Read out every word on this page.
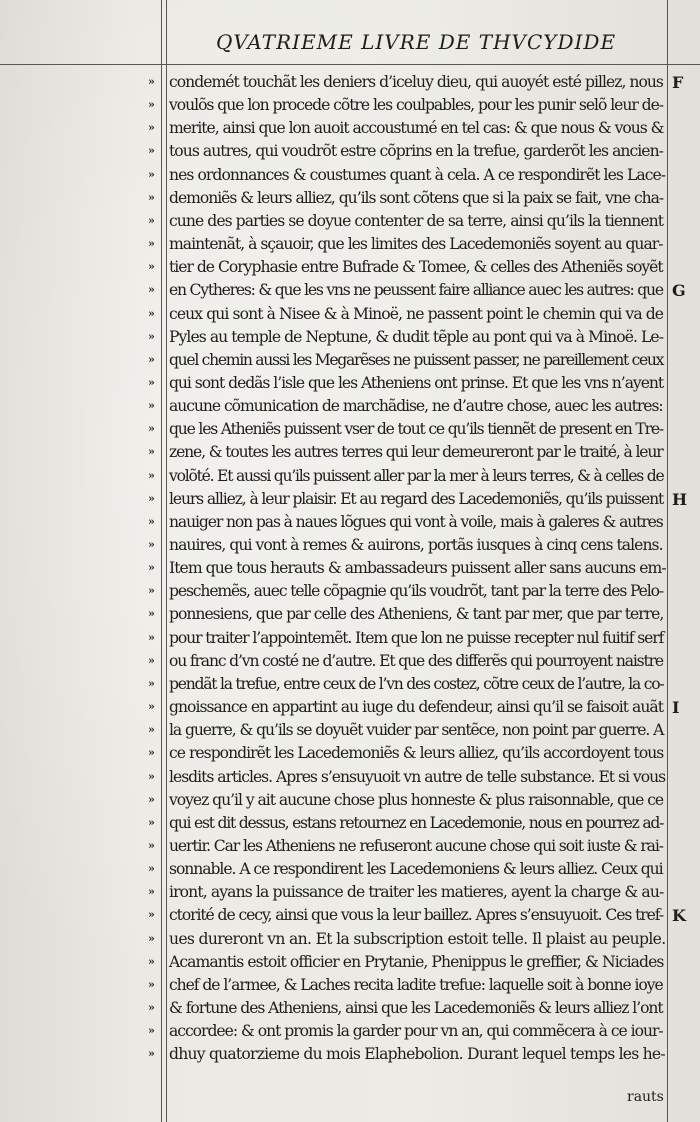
QVATRIEME LIVRE DE THVCYDIDE
» condemét touchãt les deniers d’iceluy dieu, qui auoyét esté pillez, nous F
» voulõs que lon procede cõtre les coulpables, pour les punir selõ leur de-
» merite, ainsi que lon auoit accoustumé en tel cas: & que nous & vous &
» tous autres, qui voudrõt estre cõprins en la trefue, garderõt les ancien-
» nes ordonnances & coustumes quant à cela. A ce respondirẽt les Lace-
» demoniẽs & leurs alliez, qu’ils sont cõtens que si la paix se fait, vne cha-
» cune des parties se doyue contenter de sa terre, ainsi qu’ils la tiennent
» maintenãt, à sçauoir, que les limites des Lacedemoniẽs soyent au quar-
» tier de Coryphasie entre Bufrade & Tomee, & celles des Atheniẽs soyẽt
» en Cytheres: & que les vns ne peussent faire alliance auec les autres: que G
» ceux qui sont à Nisee & à Minoë, ne passent point le chemin qui va de
» Pyles au temple de Neptune, & dudit tẽple au pont qui va à Minoë. Le-
» quel chemin aussi les Megarẽses ne puissent passer, ne pareillement ceux
» qui sont dedãs l’isle que les Atheniens ont prinse. Et que les vns n’ayent
» aucune cõmunication de marchãdise, ne d’autre chose, auec les autres:
» que les Atheniẽs puissent vser de tout ce qu’ils tiennẽt de present en Tre-
» zene, & toutes les autres terres qui leur demeureront par le traité, à leur
» volõté. Et aussi qu’ils puissent aller par la mer à leurs terres, & à celles de
» leurs alliez, à leur plaisir. Et au regard des Lacedemoniẽs, qu’ils puissent H
» nauiger non pas à naues lõgues qui vont à voile, mais à galeres & autres
» nauires, qui vont à remes & auirons, portãs iusques à cinq cens talens.
» Item que tous herauts & ambassadeurs puissent aller sans aucuns em-
» peschemẽs, auec telle cõpagnie qu’ils voudrõt, tant par la terre des Pelo-
» ponnesiens, que par celle des Atheniens, & tant par mer, que par terre,
» pour traiter l’appointemẽt. Item que lon ne puisse recepter nul fuitif serf
» ou franc d’vn costé ne d’autre. Et que des differẽs qui pourroyent naistre
» pendãt la trefue, entre ceux de l’vn des costez, cõtre ceux de l’autre, la co-
» gnoissance en appartint au iuge du defendeur, ainsi qu’il se faisoit auãt I
» la guerre, & qu’ils se doyuẽt vuider par sentẽce, non point par guerre. A
» ce respondirẽt les Lacedemoniẽs & leurs alliez, qu’ils accordoyent tous
» lesdits articles. Apres s’ensuyuoit vn autre de telle substance. Et si vous
» voyez qu’il y ait aucune chose plus honneste & plus raisonnable, que ce
» qui est dit dessus, estans retournez en Lacedemonie, nous en pourrez ad-
» uertir. Car les Atheniens ne refuseront aucune chose qui soit iuste & rai-
» sonnable. A ce respondirent les Lacedemoniens & leurs alliez. Ceux qui
» iront, ayans la puissance de traiter les matieres, ayent la charge & au-
» ctorité de cecy, ainsi que vous la leur baillez. Apres s’ensuyuoit. Ces tref- K
» ues dureront vn an. Et la subscription estoit telle. Il plaist au peuple.
» Acamantis estoit officier en Prytanie, Phenippus le greffier, & Niciades
» chef de l’armee, & Laches recita ladite trefue: laquelle soit à bonne ioye
» & fortune des Atheniens, ainsi que les Lacedemoniẽs & leurs alliez l’ont
» accordee: & ont promis la garder pour vn an, qui commẽcera à ce iour-
» dhuy quatorzieme du mois Elaphebolion. Durant lequel temps les he-
rauts
